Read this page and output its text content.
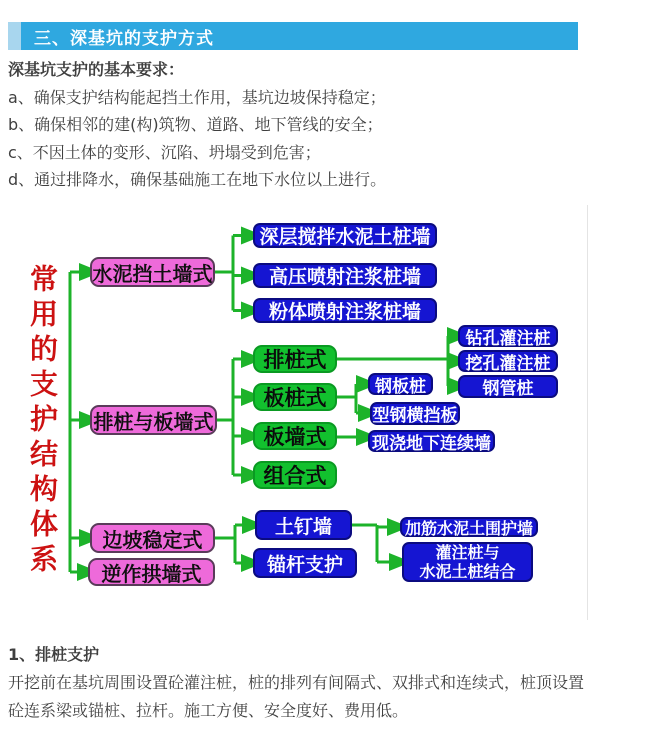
三、深基坑的支护方式

深基坑支护的基本要求：

a、确保支护结构能起挡土作用，基坑边坡保持稳定；

b、确保相邻的建(构)筑物、道路、地下管线的安全；

c、不因土体的变形、沉陷、坍塌受到危害；

d、通过排降水，确保基础施工在地下水位以上进行。

常用的支护结构体系 水泥挡土墙式
排桩与板墙式
边坡稳定式
逆作拱墙式
深层搅拌水泥土桩墙
高压喷射注浆桩墙
粉体喷射注浆桩墙
排桩式
板桩式
板墙式
组合式
钻孔灌注桩
挖孔灌注桩
钢管桩
钢板桩
型钢横挡板
现浇地下连续墙
土钉墙
锚杆支护
加筋水泥土围护墙
灌注桩与
水泥土桩结合

1、排桩支护

开挖前在基坑周围设置砼灌注桩，桩的排列有间隔式、双排式和连续式，桩顶设置

砼连系梁或锚桩、拉杆。施工方便、安全度好、费用低。
